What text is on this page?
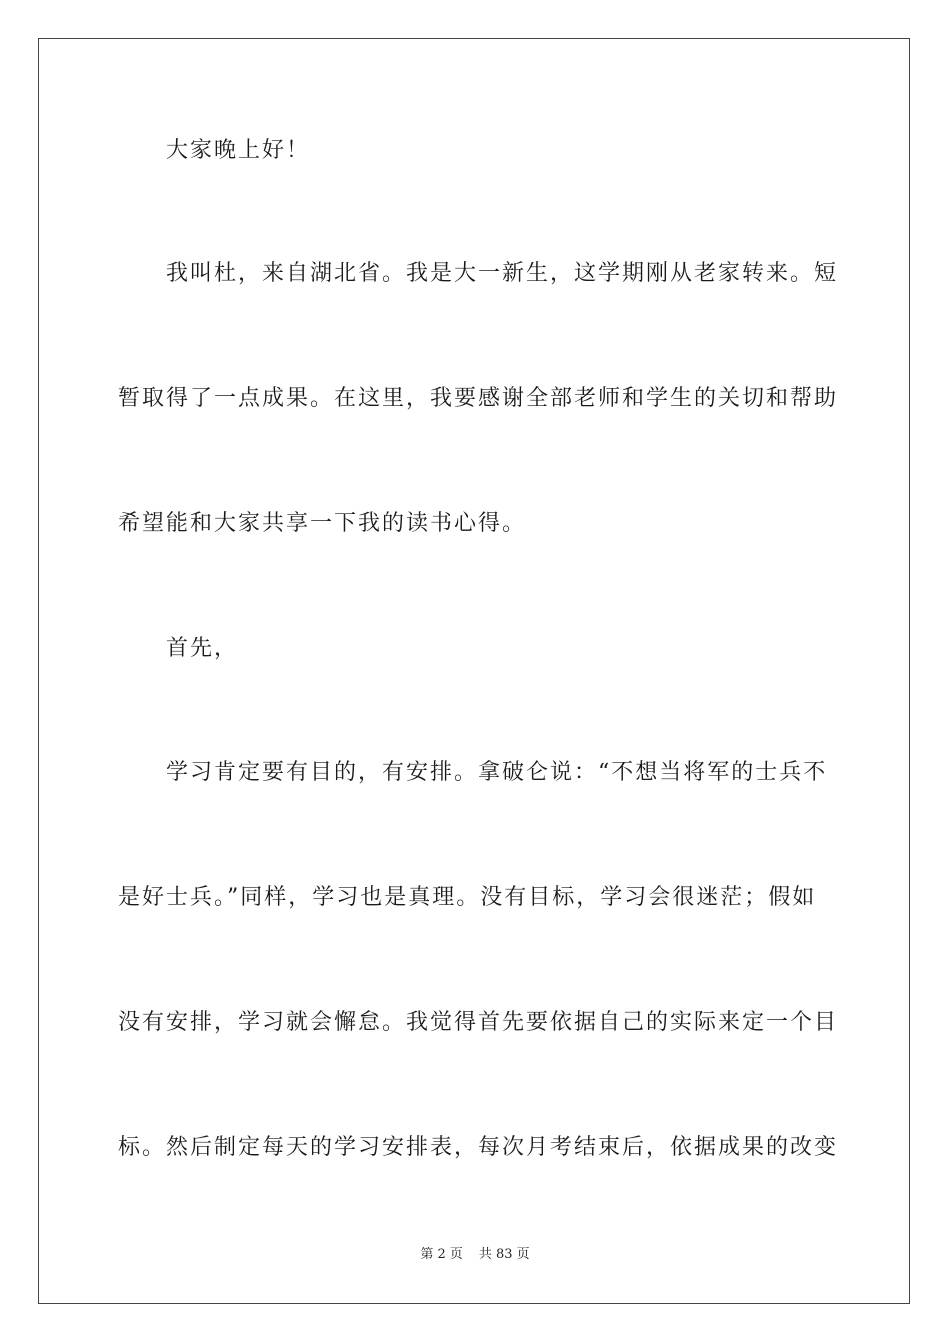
大家晚上好！
我叫杜，来自湖北省。我是大一新生，这学期刚从老家转来。短
暂取得了一点成果。在这里，我要感谢全部老师和学生的关切和帮助
希望能和大家共享一下我的读书心得。
首先，
学习肯定要有目的，有安排。拿破仑说：“不想当将军的士兵不
是好士兵。”同样，学习也是真理。没有目标，学习会很迷茫；假如
没有安排，学习就会懈怠。我觉得首先要依据自己的实际来定一个目
标。然后制定每天的学习安排表，每次月考结束后，依据成果的改变
第 2 页 共 83 页
